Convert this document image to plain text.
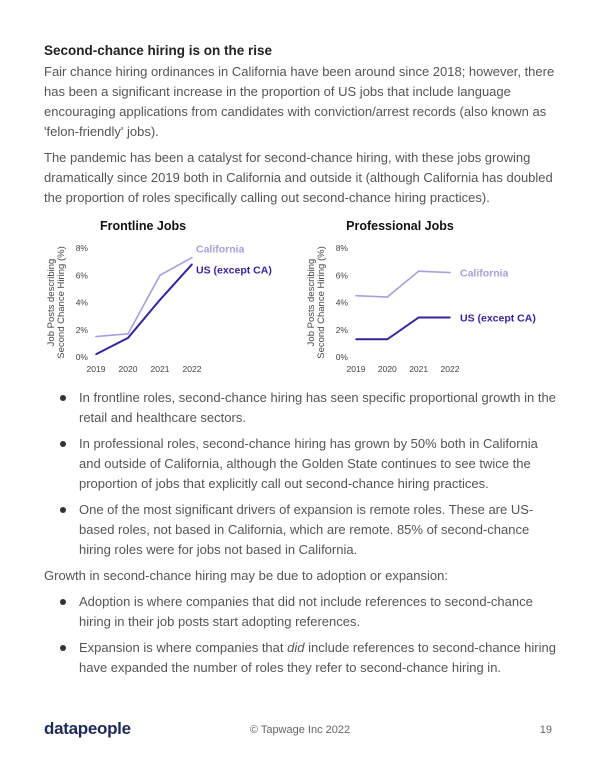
Second-chance hiring is on the rise

Fair chance hiring ordinances in California have been around since 2018; however, there has been a significant increase in the proportion of US jobs that include language encouraging applications from candidates with conviction/arrest records (also known as 'felon-friendly' jobs).

The pandemic has been a catalyst for second-chance hiring, with these jobs growing dramatically since 2019 both in California and outside it (although California has doubled the proportion of roles specifically calling out second-chance hiring practices).

Frontline Jobs
Job Posts describingSecond Chance Hiring (%) 0%
2%
4%
6%
8%
2019 2020 2021 2022
California
US (except CA)
Professional Jobs
Job Posts describingSecond Chance Hiring (%) 0%
2%
4%
6%
8%
2019 2020 2021 2022
California
US (except CA)
In frontline roles, second-chance hiring has seen specific proportional growth in the retail and healthcare sectors.
In professional roles, second-chance hiring has grown by 50% both in California and outside of California, although the Golden State continues to see twice the proportion of jobs that explicitly call out second-chance hiring practices.
One of the most significant drivers of expansion is remote roles. These are US-based roles, not based in California, which are remote. 85% of second-chance hiring roles were for jobs not based in California.

Growth in second-chance hiring may be due to adoption or expansion:

Adoption is where companies that did not include references to second-chance hiring in their job posts start adopting references.
Expansion is where companies that did include references to second-chance hiring have expanded the number of roles they refer to second-chance hiring in.
datapeople	© Tapwage Inc 2022	19
